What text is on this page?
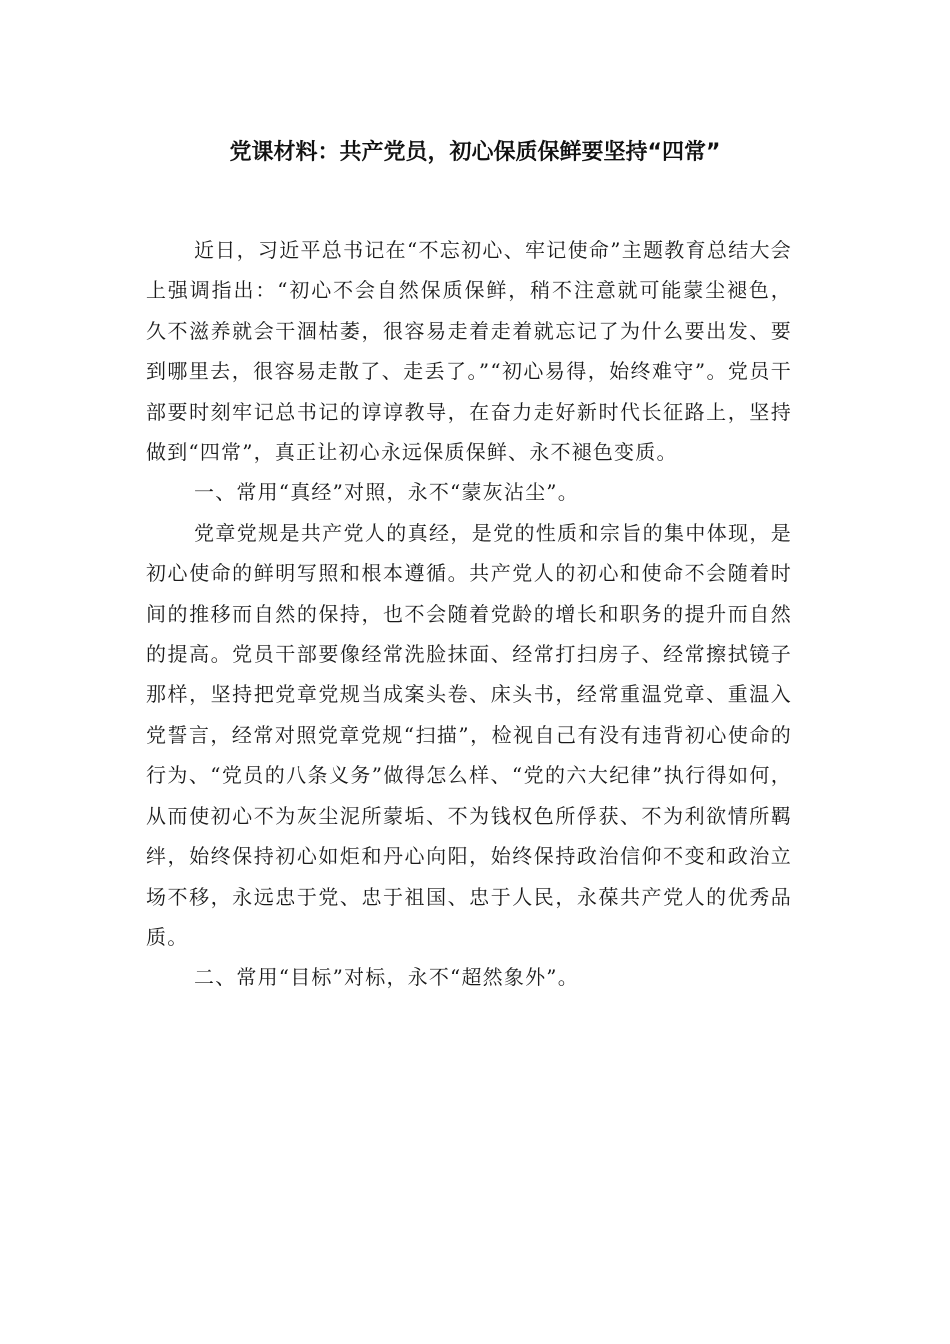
党课材料：共产党员，初心保质保鲜要坚持“四常”

近日，习近平总书记在“不忘初心、牢记使命”主题教育总结大会上强调指出：“初心不会自然保质保鲜，稍不注意就可能蒙尘褪色，久不滋养就会干涸枯萎，很容易走着走着就忘记了为什么要出发、要到哪里去，很容易走散了、走丢了。”“初心易得，始终难守”。党员干部要时刻牢记总书记的谆谆教导，在奋力走好新时代长征路上，坚持做到“四常”，真正让初心永远保质保鲜、永不褪色变质。

一、常用“真经”对照，永不“蒙灰沾尘”。

党章党规是共产党人的真经，是党的性质和宗旨的集中体现，是初心使命的鲜明写照和根本遵循。共产党人的初心和使命不会随着时间的推移而自然的保持，也不会随着党龄的增长和职务的提升而自然的提高。党员干部要像经常洗脸抹面、经常打扫房子、经常擦拭镜子那样，坚持把党章党规当成案头卷、床头书，经常重温党章、重温入党誓言，经常对照党章党规“扫描”，检视自己有没有违背初心使命的行为、“党员的八条义务”做得怎么样、“党的六大纪律”执行得如何，从而使初心不为灰尘泥所蒙垢、不为钱权色所俘获、不为利欲情所羁绊，始终保持初心如炬和丹心向阳，始终保持政治信仰不变和政治立场不移，永远忠于党、忠于祖国、忠于人民，永葆共产党人的优秀品质。

二、常用“目标”对标，永不“超然象外”。
